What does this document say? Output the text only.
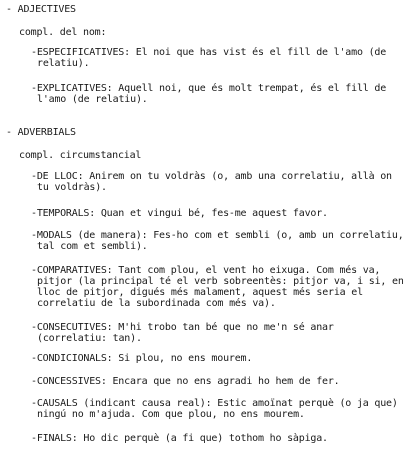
- ADJECTIVES
compl. del nom:
-ESPECIFICATIVES: El noi que has vist és el fill de l'amo (de
relatiu).
-EXPLICATIVES: Aquell noi, que és molt trempat, és el fill de
l'amo (de relatiu).
- ADVERBIALS
compl. circumstancial
-DE LLOC: Anirem on tu voldràs (o, amb una correlatiu, allà on
tu voldràs).
-TEMPORALS: Quan et vingui bé, fes-me aquest favor.
-MODALS (de manera): Fes-ho com et sembli (o, amb un correlatiu,
tal com et sembli).
-COMPARATIVES: Tant com plou, el vent ho eixuga. Com més va,
pitjor (la principal té el verb sobreentès: pitjor va, i si, en
lloc de pitjor, digués més malament, aquest més seria el
correlatiu de la subordinada com més va).
-CONSECUTIVES: M'hi trobo tan bé que no me'n sé anar
(correlatiu: tan).
-CONDICIONALS: Si plou, no ens mourem.
-CONCESSIVES: Encara que no ens agradi ho hem de fer.
-CAUSALS (indicant causa real): Estic amoïnat perquè (o ja que)
ningú no m'ajuda. Com que plou, no ens mourem.
-FINALS: Ho dic perquè (a fi que) tothom ho sàpiga.
